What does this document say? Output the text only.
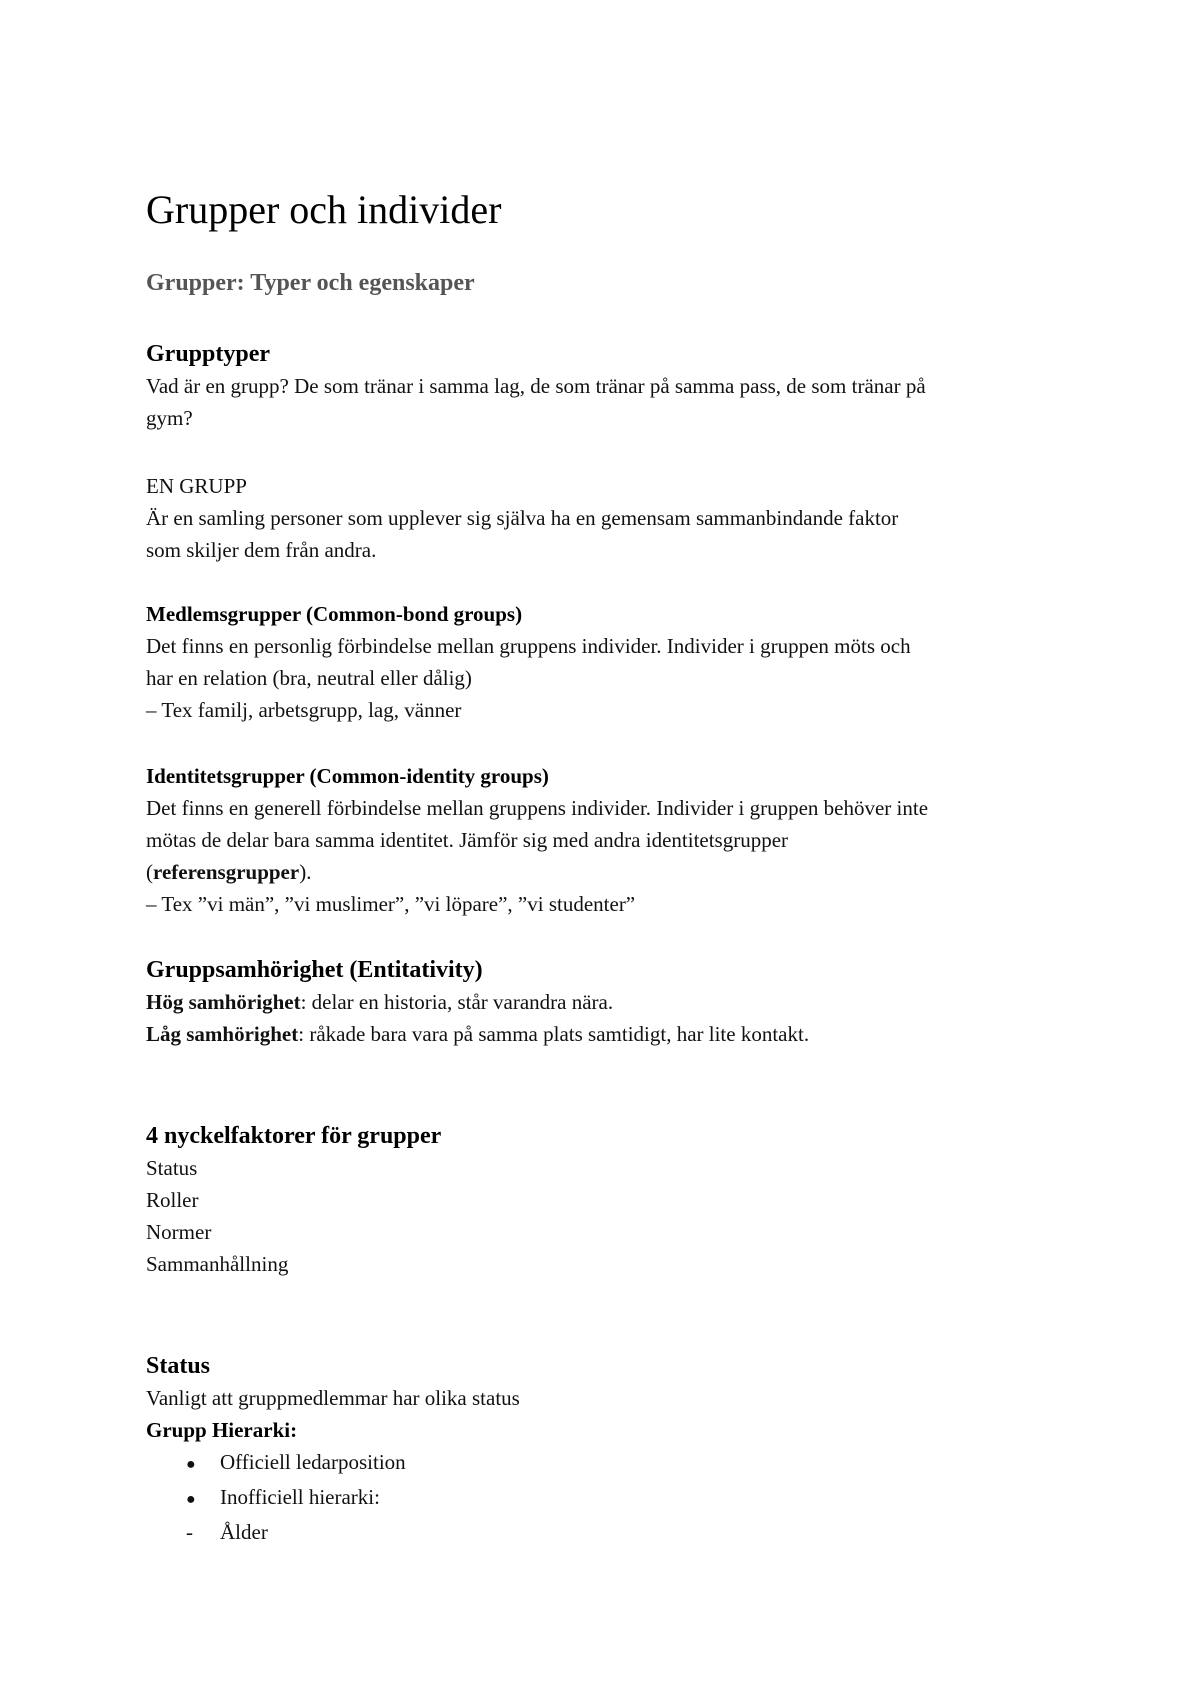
Grupper och individer
Grupper: Typer och egenskaper

Grupptyper

Vad är en grupp? De som tränar i samma lag, de som tränar på samma pass, de som tränar på

gym?

EN GRUPP

Är en samling personer som upplever sig själva ha en gemensam sammanbindande faktor

som skiljer dem från andra.

Medlemsgrupper (Common-bond groups)

Det finns en personlig förbindelse mellan gruppens individer. Individer i gruppen möts och

har en relation (bra, neutral eller dålig)

– Tex familj, arbetsgrupp, lag, vänner

Identitetsgrupper (Common-identity groups)

Det finns en generell förbindelse mellan gruppens individer. Individer i gruppen behöver inte

mötas de delar bara samma identitet. Jämför sig med andra identitetsgrupper

(referensgrupper).

– Tex ”vi män”, ”vi muslimer”, ”vi löpare”, ”vi studenter”

Gruppsamhörighet (Entitativity)

Hög samhörighet: delar en historia, står varandra nära.

Låg samhörighet: råkade bara vara på samma plats samtidigt, har lite kontakt.

4 nyckelfaktorer för grupper

Status

Roller

Normer

Sammanhållning

Status

Vanligt att gruppmedlemmar har olika status

Grupp Hierarki:

●	Officiell ledarposition
●	Inofficiell hierarki:
-	Ålder
